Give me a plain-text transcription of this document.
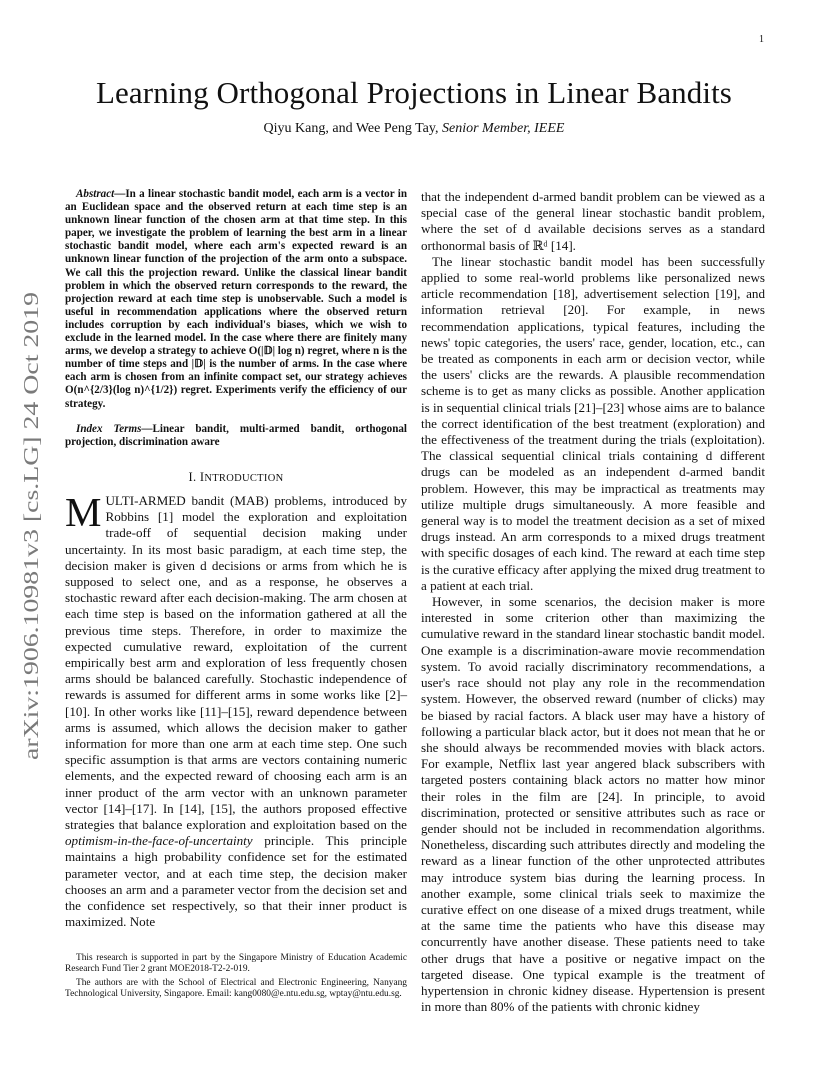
1
arXiv:1906.10981v3 [cs.LG] 24 Oct 2019
Learning Orthogonal Projections in Linear Bandits
Qiyu Kang, and Wee Peng Tay, Senior Member, IEEE

Abstract—In a linear stochastic bandit model, each arm is a vector in an Euclidean space and the observed return at each time step is an unknown linear function of the chosen arm at that time step. In this paper, we investigate the problem of learning the best arm in a linear stochastic bandit model, where each arm's expected reward is an unknown linear function of the projection of the arm onto a subspace. We call this the projection reward. Unlike the classical linear bandit problem in which the observed return corresponds to the reward, the projection reward at each time step is unobservable. Such a model is useful in recommendation applications where the observed return includes corruption by each individual's biases, which we wish to exclude in the learned model. In the case where there are finitely many arms, we develop a strategy to achieve O(|𝔻| log n) regret, where n is the number of time steps and |𝔻| is the number of arms. In the case where each arm is chosen from an infinite compact set, our strategy achieves O(n^{2/3}(log n)^{1/2}) regret. Experiments verify the efficiency of our strategy.

Index Terms—Linear bandit, multi-armed bandit, orthogonal projection, discrimination aware

I. INTRODUCTION

MULTI-ARMED bandit (MAB) problems, introduced by Robbins [1] model the exploration and exploitation trade-off of sequential decision making under uncertainty. In its most basic paradigm, at each time step, the decision maker is given d decisions or arms from which he is supposed to select one, and as a response, he observes a stochastic reward after each decision-making. The arm chosen at each time step is based on the information gathered at all the previous time steps. Therefore, in order to maximize the expected cumulative reward, exploitation of the current empirically best arm and exploration of less frequently chosen arms should be balanced carefully. Stochastic independence of rewards is assumed for different arms in some works like [2]–[10]. In other works like [11]–[15], reward dependence between arms is assumed, which allows the decision maker to gather information for more than one arm at each time step. One such specific assumption is that arms are vectors containing numeric elements, and the expected reward of choosing each arm is an inner product of the arm vector with an unknown parameter vector [14]–[17]. In [14], [15], the authors proposed effective strategies that balance exploration and exploitation based on the optimism-in-the-face-of-uncertainty principle. This principle maintains a high probability confidence set for the estimated parameter vector, and at each time step, the decision maker chooses an arm and a parameter vector from the decision set and the confidence set respectively, so that their inner product is maximized. Note

This research is supported in part by the Singapore Ministry of Education Academic Research Fund Tier 2 grant MOE2018-T2-2-019.

The authors are with the School of Electrical and Electronic Engineering, Nanyang Technological University, Singapore. Email: kang0080@e.ntu.edu.sg, wptay@ntu.edu.sg.

that the independent d-armed bandit problem can be viewed as a special case of the general linear stochastic bandit problem, where the set of d available decisions serves as a standard orthonormal basis of ℝᵈ [14].

The linear stochastic bandit model has been successfully applied to some real-world problems like personalized news article recommendation [18], advertisement selection [19], and information retrieval [20]. For example, in news recommendation applications, typical features, including the news' topic categories, the users' race, gender, location, etc., can be treated as components in each arm or decision vector, while the users' clicks are the rewards. A plausible recommendation scheme is to get as many clicks as possible. Another application is in sequential clinical trials [21]–[23] whose aims are to balance the correct identification of the best treatment (exploration) and the effectiveness of the treatment during the trials (exploitation). The classical sequential clinical trials containing d different drugs can be modeled as an independent d-armed bandit problem. However, this may be impractical as treatments may utilize multiple drugs simultaneously. A more feasible and general way is to model the treatment decision as a set of mixed drugs instead. An arm corresponds to a mixed drugs treatment with specific dosages of each kind. The reward at each time step is the curative efficacy after applying the mixed drug treatment to a patient at each trial.

However, in some scenarios, the decision maker is more interested in some criterion other than maximizing the cumulative reward in the standard linear stochastic bandit model. One example is a discrimination-aware movie recommendation system. To avoid racially discriminatory recommendations, a user's race should not play any role in the recommendation system. However, the observed reward (number of clicks) may be biased by racial factors. A black user may have a history of following a particular black actor, but it does not mean that he or she should always be recommended movies with black actors. For example, Netflix last year angered black subscribers with targeted posters containing black actors no matter how minor their roles in the film are [24]. In principle, to avoid discrimination, protected or sensitive attributes such as race or gender should not be included in recommendation algorithms. Nonetheless, discarding such attributes directly and modeling the reward as a linear function of the other unprotected attributes may introduce system bias during the learning process. In another example, some clinical trials seek to maximize the curative effect on one disease of a mixed drugs treatment, while at the same time the patients who have this disease may concurrently have another disease. These patients need to take other drugs that have a positive or negative impact on the targeted disease. One typical example is the treatment of hypertension in chronic kidney disease. Hypertension is present in more than 80% of the patients with chronic kidney
